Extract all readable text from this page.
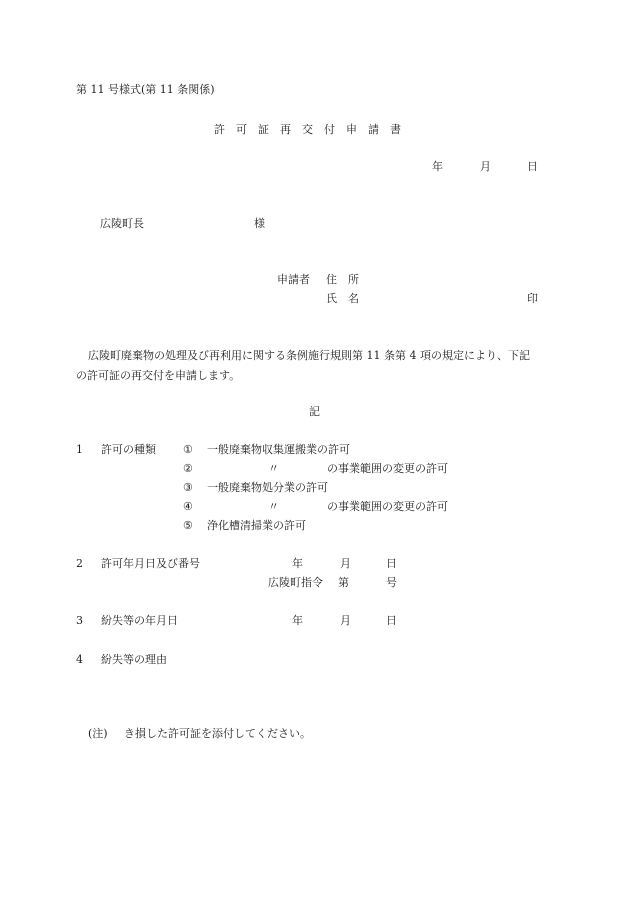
第 11 号様式(第 11 条関係)
許　可　証　再　交　付　申　請　書
年	月	日
広陵町長	様
申請者 住　所
氏　名	印
広陵町廃棄物の処理及び再利用に関する条例施行規則第 11 条第 4 項の規定により、下記
の許可証の再交付を申請します。
記
1 許可の種類 ① 一般廃棄物収集運搬業の許可
②	〃	の事業範囲の変更の許可
③ 一般廃棄物処分業の許可
④	〃	の事業範囲の変更の許可
⑤ 浄化槽清掃業の許可
2 許可年月日及び番号	年	月	日
広陵町指令 第	号
3 紛失等の年月日	年	月	日
4 紛失等の理由
(注) き損した許可証を添付してください。
